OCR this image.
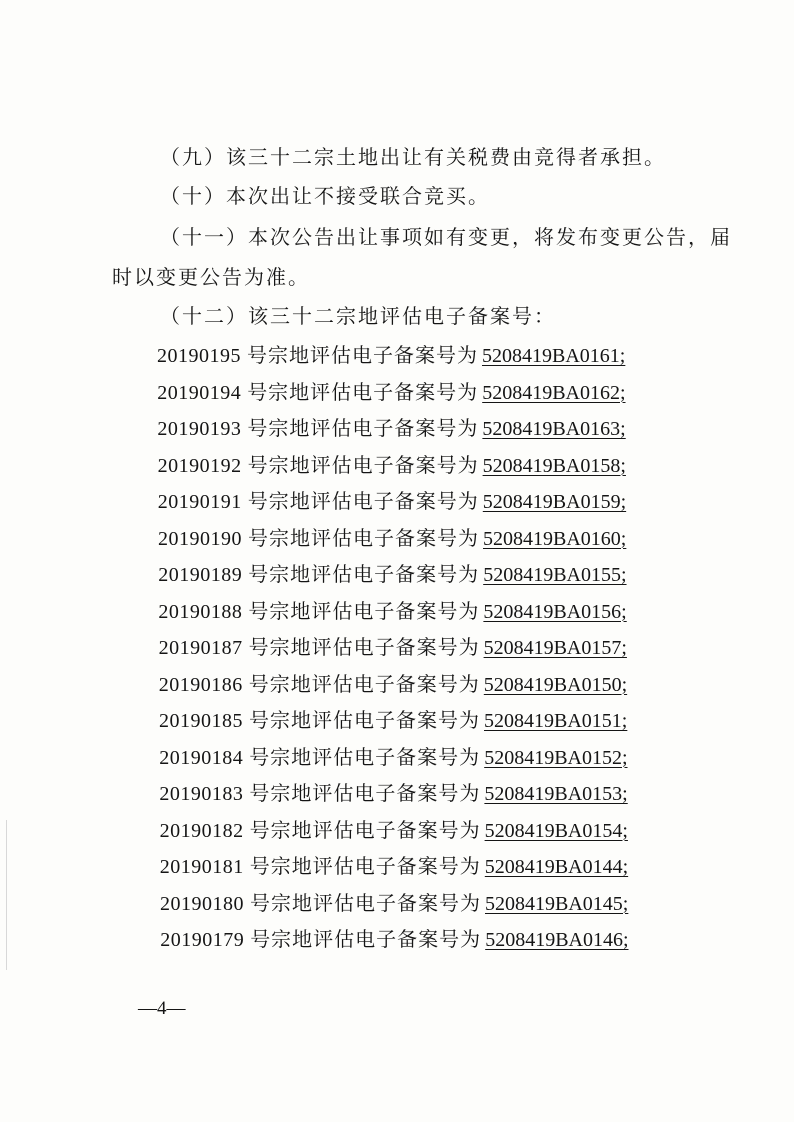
（九）该三十二宗土地出让有关税费由竞得者承担。
（十）本次出让不接受联合竞买。
（十一）本次公告出让事项如有变更，将发布变更公告，届
时以变更公告为准。
（十二）该三十二宗地评估电子备案号：
20190195 号宗地评估电子备案号为 5208419BA0161;
20190194 号宗地评估电子备案号为 5208419BA0162;
20190193 号宗地评估电子备案号为 5208419BA0163;
20190192 号宗地评估电子备案号为 5208419BA0158;
20190191 号宗地评估电子备案号为 5208419BA0159;
20190190 号宗地评估电子备案号为 5208419BA0160;
20190189 号宗地评估电子备案号为 5208419BA0155;
20190188 号宗地评估电子备案号为 5208419BA0156;
20190187 号宗地评估电子备案号为 5208419BA0157;
20190186 号宗地评估电子备案号为 5208419BA0150;
20190185 号宗地评估电子备案号为 5208419BA0151;
20190184 号宗地评估电子备案号为 5208419BA0152;
20190183 号宗地评估电子备案号为 5208419BA0153;
20190182 号宗地评估电子备案号为 5208419BA0154;
20190181 号宗地评估电子备案号为 5208419BA0144;
20190180 号宗地评估电子备案号为 5208419BA0145;
20190179 号宗地评估电子备案号为 5208419BA0146;
—4—
